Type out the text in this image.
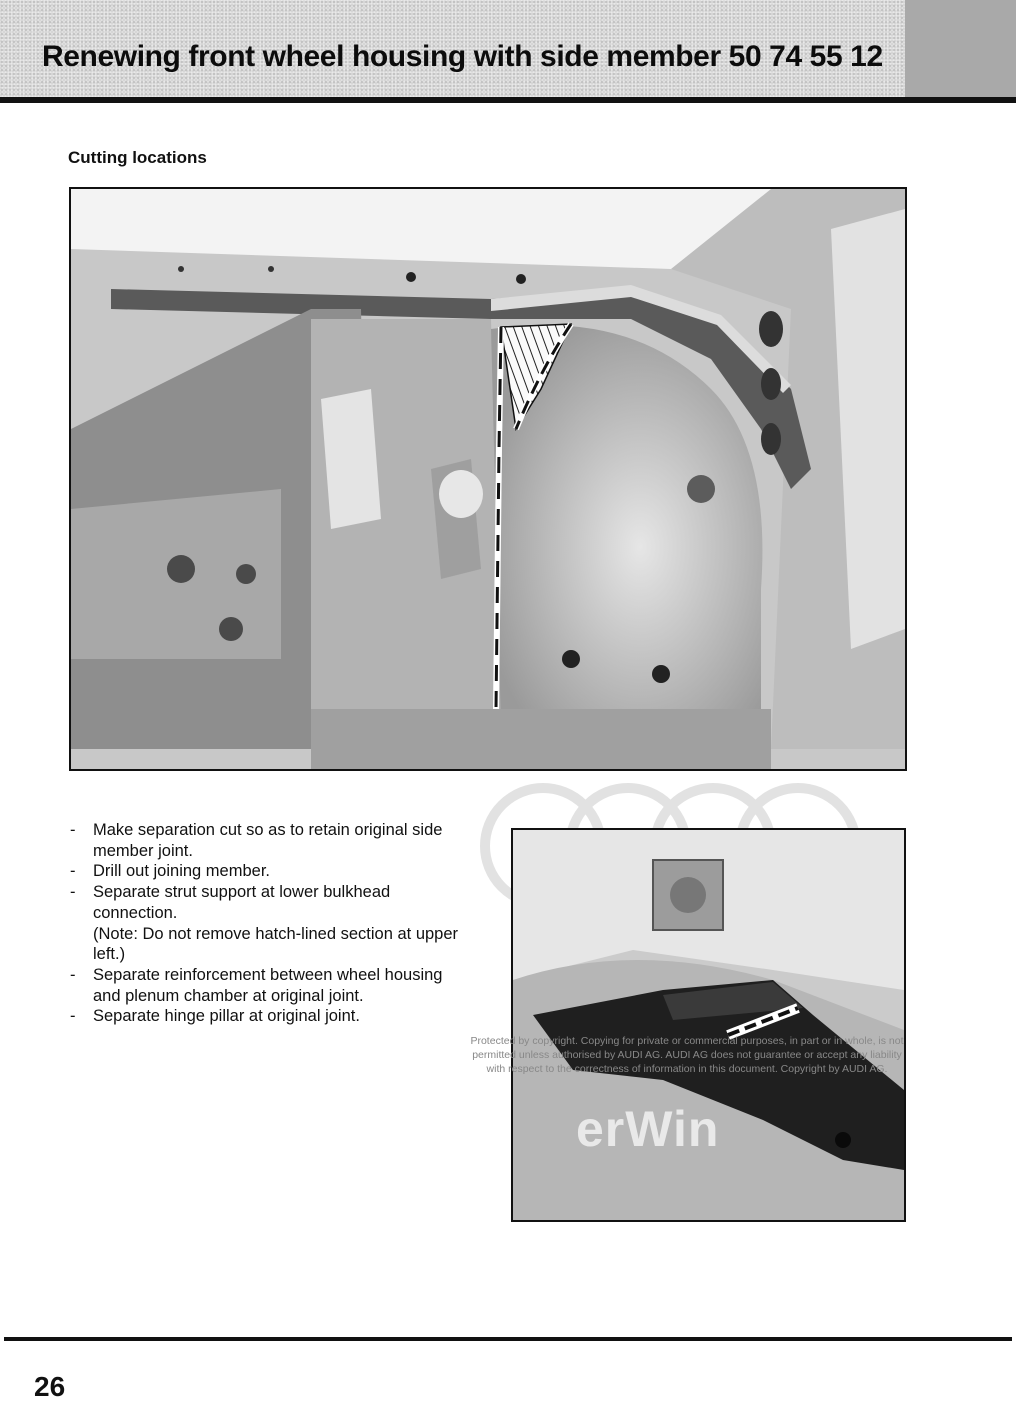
Renewing front wheel housing with side member 50 74 55 12
Cutting locations
erWin
- Make separation cut so as to retain original side member joint.
- Drill out joining member.
- Separate strut support at lower bulkhead connection.
(Note: Do not remove hatch-lined section at upper left.)
- Separate reinforcement between wheel housing and plenum chamber at original joint.
- Separate hinge pillar at original joint.
Protected by copyright. Copying for private or commercial purposes, in part or in whole, is not
permitted unless authorised by AUDI AG. AUDI AG does not guarantee or accept any liability
with respect to the correctness of information in this document. Copyright by AUDI AG.

26
